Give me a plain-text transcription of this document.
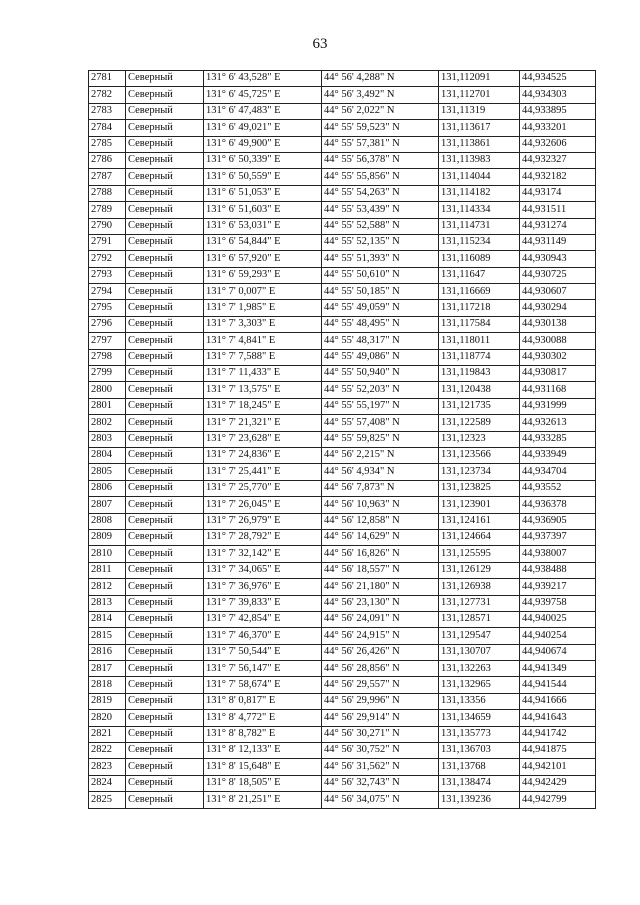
63
2781	Северный	131° 6' 43,528" E	44° 56' 4,288" N	131,112091	44,934525
2782	Северный	131° 6' 45,725" E	44° 56' 3,492" N	131,112701	44,934303
2783	Северный	131° 6' 47,483" E	44° 56' 2,022" N	131,11319	44,933895
2784	Северный	131° 6' 49,021" E	44° 55' 59,523" N	131,113617	44,933201
2785	Северный	131° 6' 49,900" E	44° 55' 57,381" N	131,113861	44,932606
2786	Северный	131° 6' 50,339" E	44° 55' 56,378" N	131,113983	44,932327
2787	Северный	131° 6' 50,559" E	44° 55' 55,856" N	131,114044	44,932182
2788	Северный	131° 6' 51,053" E	44° 55' 54,263" N	131,114182	44,93174
2789	Северный	131° 6' 51,603" E	44° 55' 53,439" N	131,114334	44,931511
2790	Северный	131° 6' 53,031" E	44° 55' 52,588" N	131,114731	44,931274
2791	Северный	131° 6' 54,844" E	44° 55' 52,135" N	131,115234	44,931149
2792	Северный	131° 6' 57,920" E	44° 55' 51,393" N	131,116089	44,930943
2793	Северный	131° 6' 59,293" E	44° 55' 50,610" N	131,11647	44,930725
2794	Северный	131° 7' 0,007" E	44° 55' 50,185" N	131,116669	44,930607
2795	Северный	131° 7' 1,985" E	44° 55' 49,059" N	131,117218	44,930294
2796	Северный	131° 7' 3,303" E	44° 55' 48,495" N	131,117584	44,930138
2797	Северный	131° 7' 4,841" E	44° 55' 48,317" N	131,118011	44,930088
2798	Северный	131° 7' 7,588" E	44° 55' 49,086" N	131,118774	44,930302
2799	Северный	131° 7' 11,433" E	44° 55' 50,940" N	131,119843	44,930817
2800	Северный	131° 7' 13,575" E	44° 55' 52,203" N	131,120438	44,931168
2801	Северный	131° 7' 18,245" E	44° 55' 55,197" N	131,121735	44,931999
2802	Северный	131° 7' 21,321" E	44° 55' 57,408" N	131,122589	44,932613
2803	Северный	131° 7' 23,628" E	44° 55' 59,825" N	131,12323	44,933285
2804	Северный	131° 7' 24,836" E	44° 56' 2,215" N	131,123566	44,933949
2805	Северный	131° 7' 25,441" E	44° 56' 4,934" N	131,123734	44,934704
2806	Северный	131° 7' 25,770" E	44° 56' 7,873" N	131,123825	44,93552
2807	Северный	131° 7' 26,045" E	44° 56' 10,963" N	131,123901	44,936378
2808	Северный	131° 7' 26,979" E	44° 56' 12,858" N	131,124161	44,936905
2809	Северный	131° 7' 28,792" E	44° 56' 14,629" N	131,124664	44,937397
2810	Северный	131° 7' 32,142" E	44° 56' 16,826" N	131,125595	44,938007
2811	Северный	131° 7' 34,065" E	44° 56' 18,557" N	131,126129	44,938488
2812	Северный	131° 7' 36,976" E	44° 56' 21,180" N	131,126938	44,939217
2813	Северный	131° 7' 39,833" E	44° 56' 23,130" N	131,127731	44,939758
2814	Северный	131° 7' 42,854" E	44° 56' 24,091" N	131,128571	44,940025
2815	Северный	131° 7' 46,370" E	44° 56' 24,915" N	131,129547	44,940254
2816	Северный	131° 7' 50,544" E	44° 56' 26,426" N	131,130707	44,940674
2817	Северный	131° 7' 56,147" E	44° 56' 28,856" N	131,132263	44,941349
2818	Северный	131° 7' 58,674" E	44° 56' 29,557" N	131,132965	44,941544
2819	Северный	131° 8' 0,817" E	44° 56' 29,996" N	131,13356	44,941666
2820	Северный	131° 8' 4,772" E	44° 56' 29,914" N	131,134659	44,941643
2821	Северный	131° 8' 8,782" E	44° 56' 30,271" N	131,135773	44,941742
2822	Северный	131° 8' 12,133" E	44° 56' 30,752" N	131,136703	44,941875
2823	Северный	131° 8' 15,648" E	44° 56' 31,562" N	131,13768	44,942101
2824	Северный	131° 8' 18,505" E	44° 56' 32,743" N	131,138474	44,942429
2825	Северный	131° 8' 21,251" E	44° 56' 34,075" N	131,139236	44,942799
